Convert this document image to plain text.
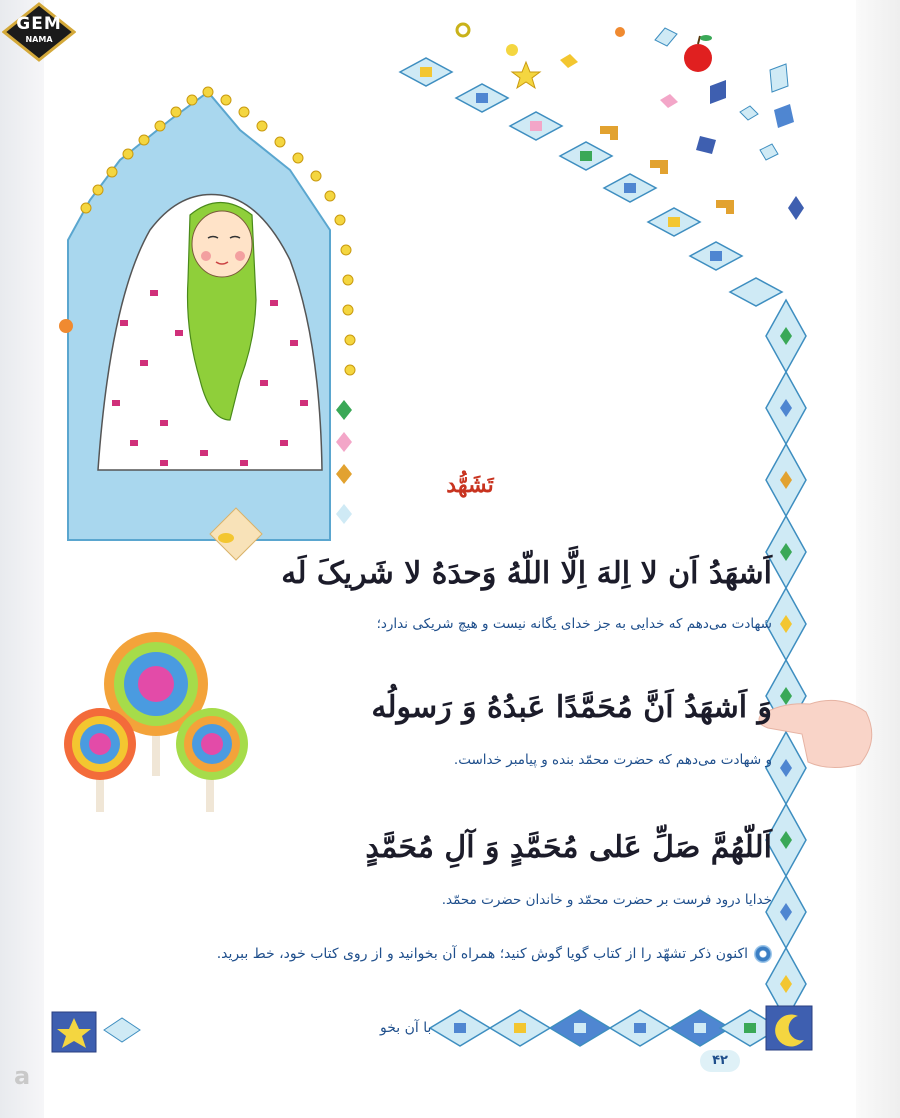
GEM
NAMA
a
تَشَهُّد
اَشهَدُ اَن لا اِلهَ اِلَّا اللّهُ وَحدَهُ لا شَریکَ لَه
شهادت می‌دهم که خدایی به جز خدای یگانه نیست و هیچ شریکی ندارد؛
وَ اَشهَدُ اَنَّ مُحَمَّدًا عَبدُهُ وَ رَسولُه
و شهادت می‌دهم که حضرت محمّد بنده و پیامبر خداست.
اَللّهُمَّ صَلِّ عَلی مُحَمَّدٍ وَ آلِ مُحَمَّدٍ
خدایا درود فرست بر حضرت محمّد و خاندان حضرت محمّد.
اکنون ذکر تشهّد را از کتاب گویا گوش کنید؛ همراه آن بخوانید و از روی کتاب خود، خط ببرید.
با آن بخو
۴۲
